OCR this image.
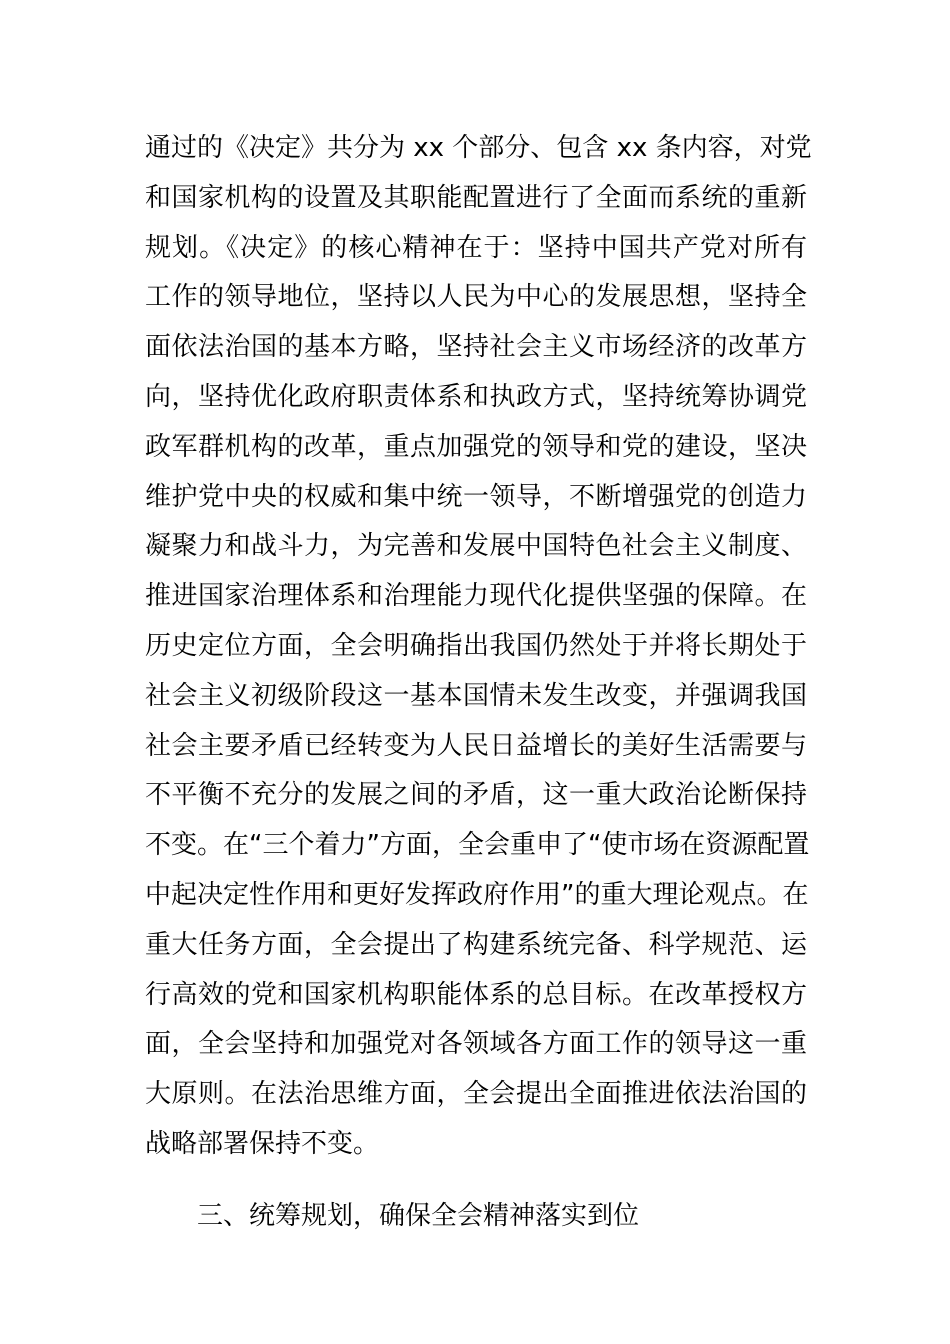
通过的《决定》共分为 xx 个部分、包含 xx 条内容，对党
和国家机构的设置及其职能配置进行了全面而系统的重新
规划。《决定》的核心精神在于：坚持中国共产党对所有
工作的领导地位，坚持以人民为中心的发展思想，坚持全
面依法治国的基本方略，坚持社会主义市场经济的改革方
向，坚持优化政府职责体系和执政方式，坚持统筹协调党
政军群机构的改革，重点加强党的领导和党的建设，坚决
维护党中央的权威和集中统一领导，不断增强党的创造力
凝聚力和战斗力，为完善和发展中国特色社会主义制度、
推进国家治理体系和治理能力现代化提供坚强的保障。在
历史定位方面，全会明确指出我国仍然处于并将长期处于
社会主义初级阶段这一基本国情未发生改变，并强调我国
社会主要矛盾已经转变为人民日益增长的美好生活需要与
不平衡不充分的发展之间的矛盾，这一重大政治论断保持
不变。在“三个着力”方面，全会重申了“使市场在资源配置
中起决定性作用和更好发挥政府作用”的重大理论观点。在
重大任务方面，全会提出了构建系统完备、科学规范、运
行高效的党和国家机构职能体系的总目标。在改革授权方
面，全会坚持和加强党对各领域各方面工作的领导这一重
大原则。在法治思维方面，全会提出全面推进依法治国的
战略部署保持不变。
三、统筹规划，确保全会精神落实到位
